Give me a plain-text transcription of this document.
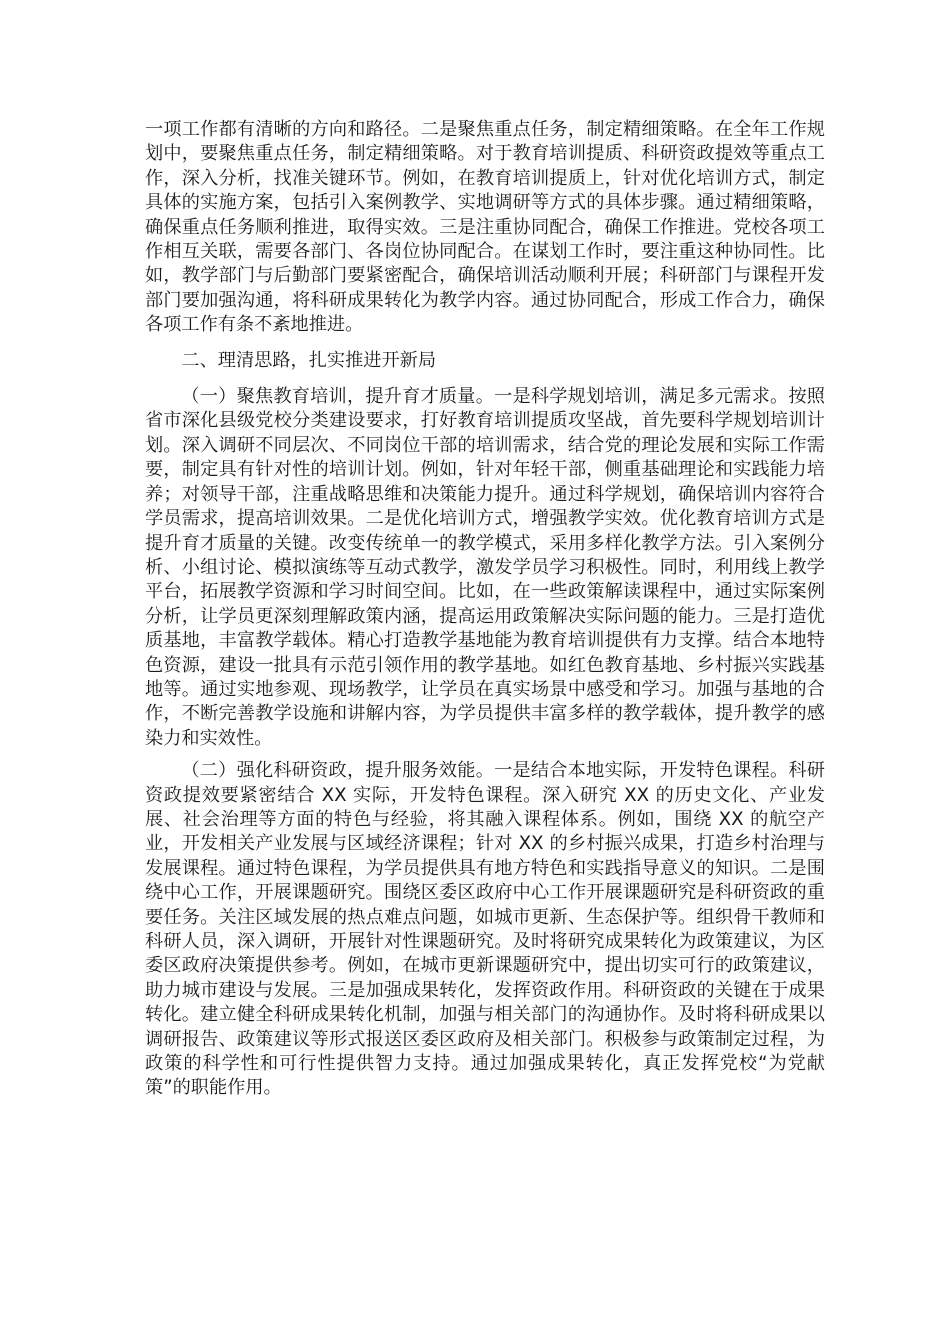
一项工作都有清晰的方向和路径。二是聚焦重点任务，制定精细策略。在全年工作规划中，要聚焦重点任务，制定精细策略。对于教育培训提质、科研资政提效等重点工作，深入分析，找准关键环节。例如，在教育培训提质上，针对优化培训方式，制定具体的实施方案，包括引入案例教学、实地调研等方式的具体步骤。通过精细策略，确保重点任务顺利推进，取得实效。三是注重协同配合，确保工作推进。党校各项工作相互关联，需要各部门、各岗位协同配合。在谋划工作时，要注重这种协同性。比如，教学部门与后勤部门要紧密配合，确保培训活动顺利开展；科研部门与课程开发部门要加强沟通，将科研成果转化为教学内容。通过协同配合，形成工作合力，确保各项工作有条不紊地推进。

二、理清思路，扎实推进开新局

（一）聚焦教育培训，提升育才质量。一是科学规划培训，满足多元需求。按照省市深化县级党校分类建设要求，打好教育培训提质攻坚战，首先要科学规划培训计划。深入调研不同层次、不同岗位干部的培训需求，结合党的理论发展和实际工作需要，制定具有针对性的培训计划。例如，针对年轻干部，侧重基础理论和实践能力培养；对领导干部，注重战略思维和决策能力提升。通过科学规划，确保培训内容符合学员需求，提高培训效果。二是优化培训方式，增强教学实效。优化教育培训方式是提升育才质量的关键。改变传统单一的教学模式，采用多样化教学方法。引入案例分析、小组讨论、模拟演练等互动式教学，激发学员学习积极性。同时，利用线上教学平台，拓展教学资源和学习时间空间。比如，在一些政策解读课程中，通过实际案例分析，让学员更深刻理解政策内涵，提高运用政策解决实际问题的能力。三是打造优质基地，丰富教学载体。精心打造教学基地能为教育培训提供有力支撑。结合本地特色资源，建设一批具有示范引领作用的教学基地。如红色教育基地、乡村振兴实践基地等。通过实地参观、现场教学，让学员在真实场景中感受和学习。加强与基地的合作，不断完善教学设施和讲解内容，为学员提供丰富多样的教学载体，提升教学的感染力和实效性。

（二）强化科研资政，提升服务效能。一是结合本地实际，开发特色课程。科研资政提效要紧密结合 XX 实际，开发特色课程。深入研究 XX 的历史文化、产业发展、社会治理等方面的特色与经验，将其融入课程体系。例如，围绕 XX 的航空产业，开发相关产业发展与区域经济课程；针对 XX 的乡村振兴成果，打造乡村治理与发展课程。通过特色课程，为学员提供具有地方特色和实践指导意义的知识。二是围绕中心工作，开展课题研究。围绕区委区政府中心工作开展课题研究是科研资政的重要任务。关注区域发展的热点难点问题，如城市更新、生态保护等。组织骨干教师和科研人员，深入调研，开展针对性课题研究。及时将研究成果转化为政策建议，为区委区政府决策提供参考。例如，在城市更新课题研究中，提出切实可行的政策建议，助力城市建设与发展。三是加强成果转化，发挥资政作用。科研资政的关键在于成果转化。建立健全科研成果转化机制，加强与相关部门的沟通协作。及时将科研成果以调研报告、政策建议等形式报送区委区政府及相关部门。积极参与政策制定过程，为政策的科学性和可行性提供智力支持。通过加强成果转化，真正发挥党校“为党献策”的职能作用。
